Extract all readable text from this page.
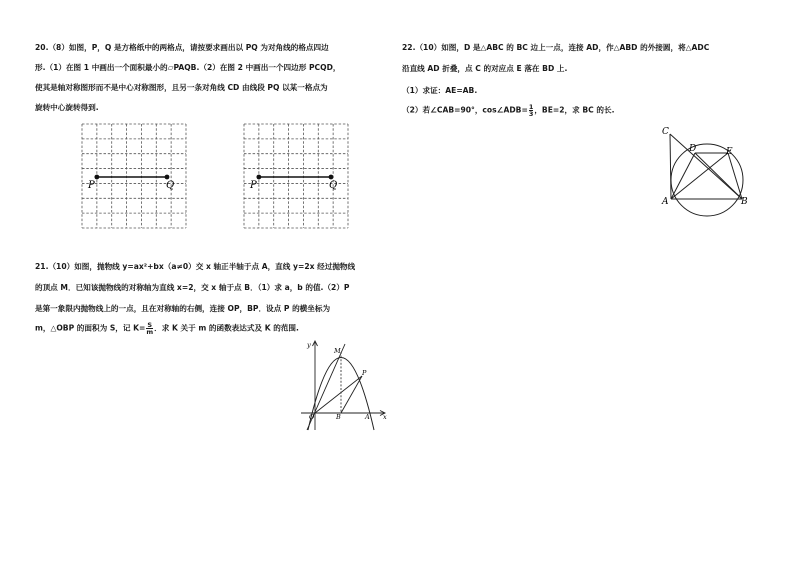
20.（8）如图，P，Q 是方格纸中的两格点，请按要求画出以 PQ 为对角线的格点四边
形.（1）在图 1 中画出一个面积最小的▱PAQB.（2）在图 2 中画出一个四边形 PCQD，
使其是轴对称图形而不是中心对称图形，且另一条对角线 CD 由线段 PQ 以某一格点为
旋转中心旋转得到.
P	Q	P	Q
21.（10）如图，抛物线 y=ax²+bx（a≠0）交 x 轴正半轴于点 A，直线 y=2x 经过抛物线
的顶点 M．已知该抛物线的对称轴为直线 x=2，交 x 轴于点 B．（1）求 a，b 的值.（2）P
是第一象限内抛物线上的一点，且在对称轴的右侧，连接 OP，BP．设点 P 的横坐标为
m，△OBP 的面积为 S，记 $K= \frac{S}{m}$ ．求 K 关于 m 的函数表达式及 K 的范围.
y
x
M
P
O	B	A
22.（10）如图，D 是△ABC 的 BC 边上一点，连接 AD，作△ABD 的外接圆，将△ADC
沿直线 AD 折叠，点 C 的对应点 E 落在 BD 上.
（1）求证：AE=AB.
（2）若∠CAB=90°，cos∠ADB= $\frac{1}{3}$ ，BE=2，求 BC 的长.
C
D	E
A	B
